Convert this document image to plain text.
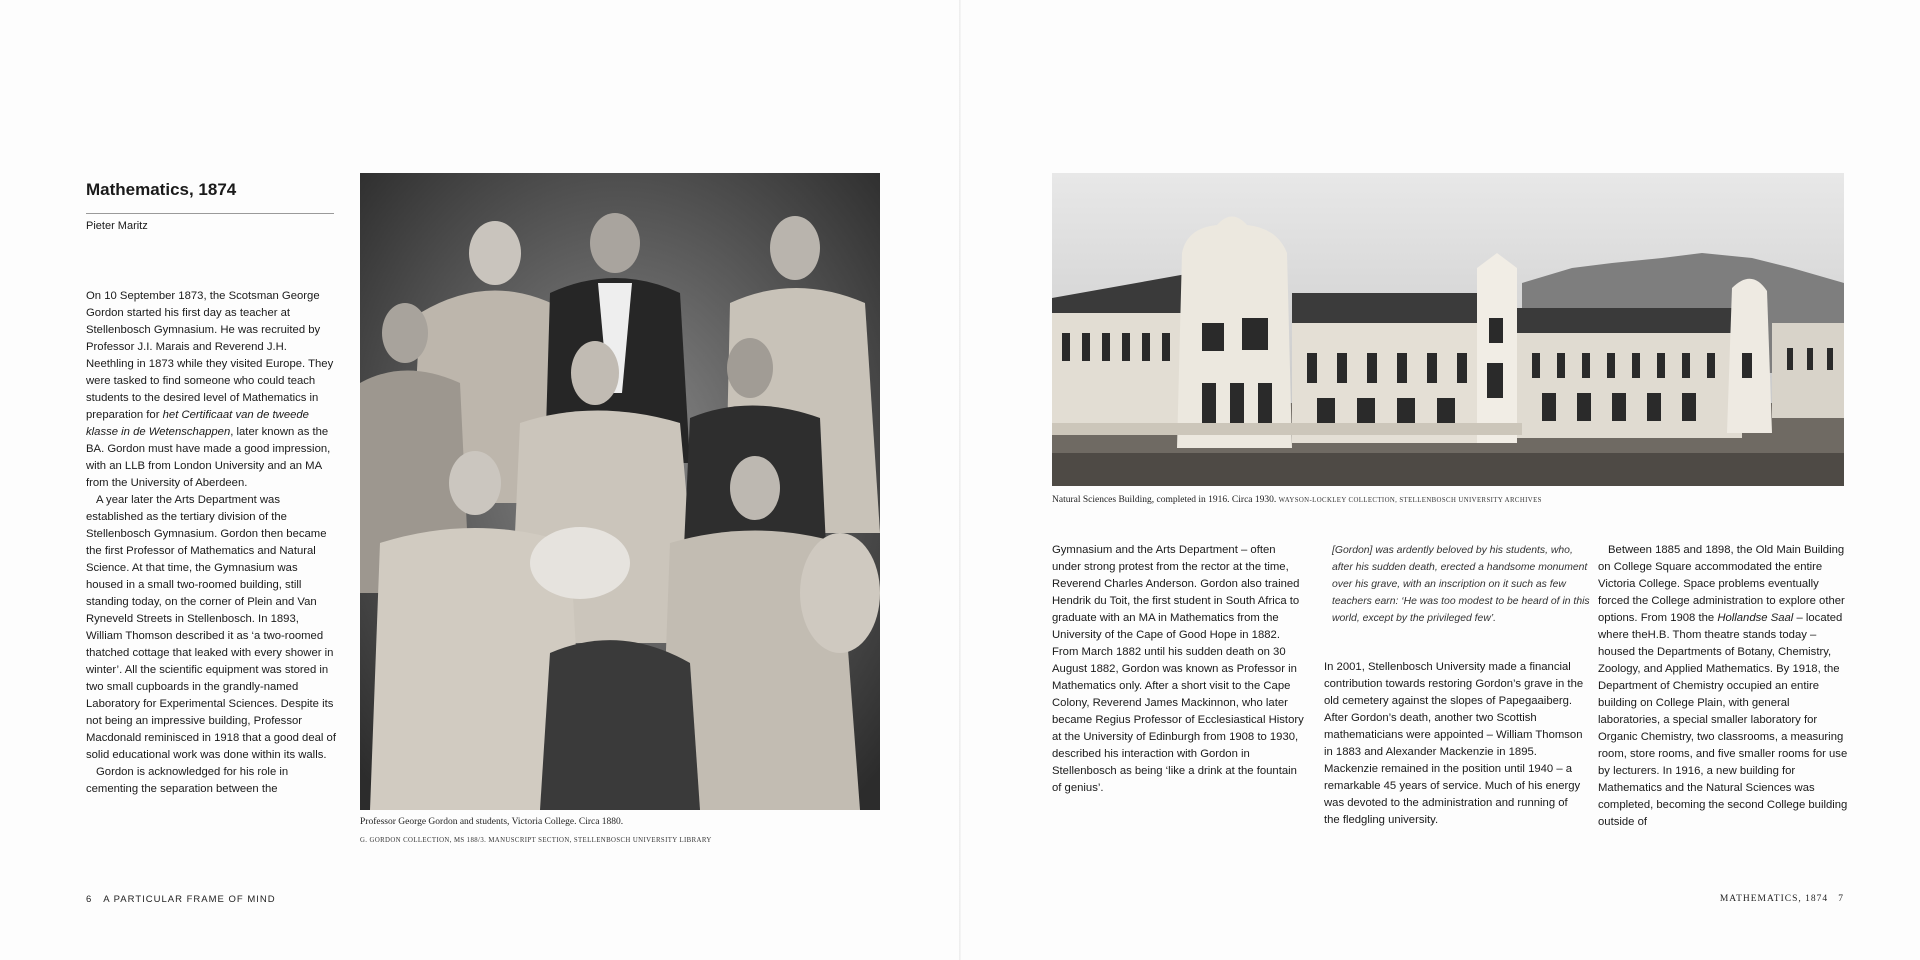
Mathematics, 1874
Pieter Maritz

On 10 September 1873, the Scotsman George Gordon started his first day as teacher at Stellenbosch Gymnasium. He was recruited by Professor J.I. Marais and Reverend J.H. Neethling in 1873 while they visited Europe. They were tasked to find someone who could teach students to the desired level of Mathematics in preparation for het Certificaat van de tweede klasse in de Wetenschappen, later known as the BA. Gordon must have made a good impression, with an LLB from London University and an MA from the University of Aberdeen.

A year later the Arts Department was established as the tertiary division of the Stellenbosch Gymnasium. Gordon then became the first Professor of Mathematics and Natural Science. At that time, the Gymnasium was housed in a small two-roomed building, still standing today, on the corner of Plein and Van Ryneveld Streets in Stellenbosch. In 1893, William Thomson described it as ‘a two-roomed thatched cottage that leaked with every shower in winter’. All the scientific equipment was stored in two small cupboards in the grandly-named Laboratory for Experimental Sciences. Despite its not being an impressive building, Professor Macdonald reminisced in 1918 that a good deal of solid educational work was done within its walls.

Gordon is acknowledged for his role in cementing the separation between the

Professor George Gordon and students, Victoria College. Circa 1880.
G. GORDON COLLECTION, MS 188/3. MANUSCRIPT SECTION, STELLENBOSCH UNIVERSITY LIBRARY
6 A PARTICULAR FRAME OF MIND
Natural Sciences Building, completed in 1916. Circa 1930. WAYSON-LOCKLEY COLLECTION, STELLENBOSCH UNIVERSITY ARCHIVES

Gymnasium and the Arts Department – often under strong protest from the rector at the time, Reverend Charles Anderson. Gordon also trained Hendrik du Toit, the first student in South Africa to graduate with an MA in Mathematics from the University of the Cape of Good Hope in 1882. From March 1882 until his sudden death on 30 August 1882, Gordon was known as Professor in Mathematics only. After a short visit to the Cape Colony, Reverend James Mackinnon, who later became Regius Professor of Ecclesiastical History at the University of Edinburgh from 1908 to 1930, described his interaction with Gordon in Stellenbosch as being ‘like a drink at the fountain of genius’.

[Gordon] was ardently beloved by his students, who, after his sudden death, erected a handsome monument over his grave, with an inscription on it such as few teachers earn: ‘He was too modest to be heard of in this world, except by the privileged few’.

In 2001, Stellenbosch University made a financial contribution towards restoring Gordon’s grave in the old cemetery against the slopes of Papegaaiberg. After Gordon’s death, another two Scottish mathematicians were appointed – William Thomson in 1883 and Alexander Mackenzie in 1895. Mackenzie remained in the position until 1940 – a remarkable 45 years of service. Much of his energy was devoted to the administration and running of the fledgling university.

Between 1885 and 1898, the Old Main Building on College Square accommodated the entire Victoria College. Space problems eventually forced the College administration to explore other options. From 1908 the Hollandse Saal – located where theH.B. Thom theatre stands today – housed the Departments of Botany, Chemistry, Zoology, and Applied Mathematics. By 1918, the Department of Chemistry occupied an entire building on College Plain, with general laboratories, a special smaller laboratory for Organic Chemistry, two classrooms, a measuring room, store rooms, and five smaller rooms for use by lecturers. In 1916, a new building for Mathematics and the Natural Sciences was completed, becoming the second College building outside of

MATHEMATICS, 1874 7
